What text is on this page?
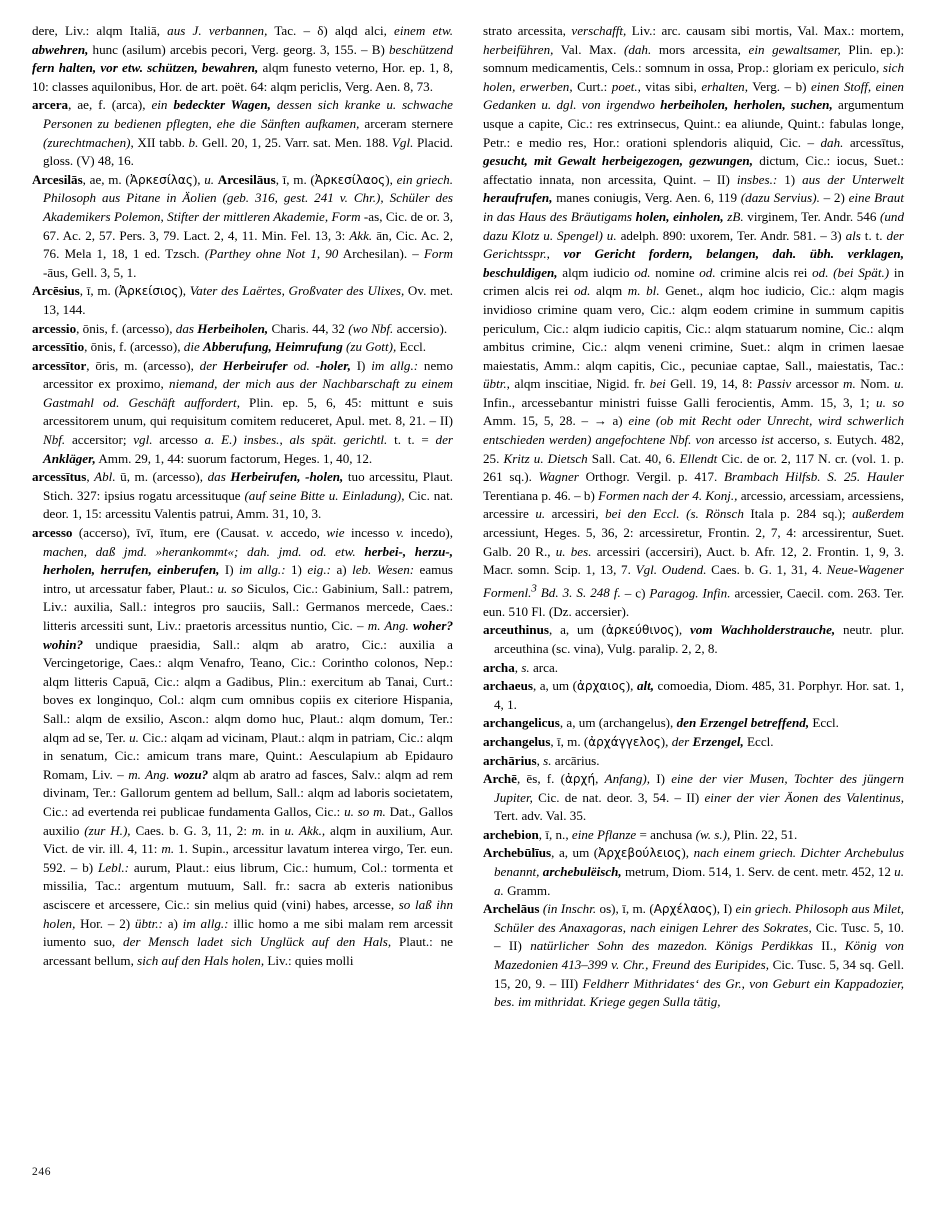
dere, Liv.: alqm Italiā, aus J. verbannen, Tac. – δ) alqd alci, einem etw. abwehren, hunc (asilum) arcebis pecori, Verg. georg. 3, 155. – B) beschützend fern halten, vor etw. schützen, bewahren, alqm funesto veterno, Hor. ep. 1, 8, 10: classes aquilonibus, Hor. de art. poët. 64: alqm periclis, Verg. Aen. 8, 73.

arcera, ae, f. (arca), ein bedeckter Wagen, dessen sich kranke u. schwache Personen zu bedienen pflegten, ehe die Sänften aufkamen, arceram sternere (zurechtmachen), XII tabb. b. Gell. 20, 1, 25. Varr. sat. Men. 188. Vgl. Placid. gloss. (V) 48, 16.

Arcesilās, ae, m. (Ἀρκεσίλας), u. Arcesilāus, ī, m. (Ἀρκεσίλαος), ein griech. Philosoph aus Pitane in Äolien (geb. 316, gest. 241 v. Chr.), Schüler des Akademikers Polemon, Stifter der mittleren Akademie, Form -as, Cic. de or. 3, 67. Ac. 2, 57. Pers. 3, 79. Lact. 2, 4, 11. Min. Fel. 13, 3: Akk. ān, Cic. Ac. 2, 76. Mela 1, 18, 1 ed. Tzsch. (Parthey ohne Not 1, 90 Archesilan). – Form -āus, Gell. 3, 5, 1.

Arcēsius, ī, m. (Ἀρκείσιος), Vater des Laërtes, Großvater des Ulixes, Ov. met. 13, 144.

arcessio, ōnis, f. (arcesso), das Herbeiholen, Charis. 44, 32 (wo Nbf. accersio).

arcessītio, ōnis, f. (arcesso), die Abberufung, Heimrufung (zu Gott), Eccl.

arcessītor, ōris, m. (arcesso), der Herbeirufer od. -holer, I) im allg.: nemo arcessitor ex proximo, niemand, der mich aus der Nachbarschaft zu einem Gastmahl od. Geschäft auffordert, Plin. ep. 5, 6, 45: mittunt e suis arcessitorem unum, qui requisitum comitem reduceret, Apul. met. 8, 21. – II) Nbf. accersitor; vgl. arcesso a. E.) insbes., als spät. gerichtl. t. t. = der Ankläger, Amm. 29, 1, 44: suorum factorum, Heges. 1, 40, 12.

arcessītus, Abl. ū, m. (arcesso), das Herbeirufen, -holen, tuo arcessitu, Plaut. Stich. 327: ipsius rogatu arcessituque (auf seine Bitte u. Einladung), Cic. nat. deor. 1, 15: arcessitu Valentis patrui, Amm. 31, 10, 3.

arcesso (accerso), īvī, ītum, ere (Causat. v. accedo, wie incesso v. incedo), machen, daß jmd. »herankommt«; dah. jmd. od. etw. herbei-, herzu-, herholen, herrufen, einberufen, I) im allg.: 1) eig.: a) leb. Wesen: eamus intro, ut arcessatur faber, Plaut.: u. so Siculos, Cic.: Gabinium, Sall.: patrem, Liv.: auxilia, Sall.: integros pro sauciis, Sall.: Germanos mercede, Caes.: litteris arcessiti sunt, Liv.: praetoris arcessitus nuntio, Cic. – m. Ang. woher? wohin? undique praesidia, Sall.: alqm ab aratro, Cic.: auxilia a Vercingetorige, Caes.: alqm Venafro, Teano, Cic.: Corintho colonos, Nep.: alqm litteris Capuā, Cic.: alqm a Gadibus, Plin.: exercitum ab Tanai, Curt.: boves ex longinquo, Col.: alqm cum omnibus copiis ex citeriore Hispania, Sall.: alqm de exsilio, Ascon.: alqm domo huc, Plaut.: alqm domum, Ter.: alqm ad se, Ter. u. Cic.: alqam ad vicinam, Plaut.: alqm in patriam, Cic.: alqm in senatum, Cic.: amicum trans mare, Quint.: Aesculapium ab Epidauro Romam, Liv. – m. Ang. wozu? alqm ab aratro ad fasces, Salv.: alqm ad rem divinam, Ter.: Gallorum gentem ad bellum, Sall.: alqm ad laboris societatem, Cic.: ad evertenda rei publicae fundamenta Gallos, Cic.: u. so m. Dat., Gallos auxilio (zur H.), Caes. b. G. 3, 11, 2: m. in u. Akk., alqm in auxilium, Aur. Vict. de vir. ill. 4, 11: m. 1. Supin., arcessitur lavatum interea virgo, Ter. eun. 592. – b) Lebl.: aurum, Plaut.: eius librum, Cic.: humum, Col.: tormenta et missilia, Tac.: argentum mutuum, Sall. fr.: sacra ab exteris nationibus asciscere et arcessere, Cic.: sin melius quid (vini) habes, arcesse, so laß ihn holen, Hor. – 2) übtr.: a) im allg.: illic homo a me sibi malam rem arcessit iumento suo, der Mensch ladet sich Unglück auf den Hals, Plaut.: ne arcessant bellum, sich auf den Hals holen, Liv.: quies molli

strato arcessita, verschafft, Liv.: arc. causam sibi mortis, Val. Max.: mortem, herbeiführen, Val. Max. (dah. mors arcessita, ein gewaltsamer, Plin. ep.): somnum medicamentis, Cels.: somnum in ossa, Prop.: gloriam ex periculo, sich holen, erwerben, Curt.: poet., vitas sibi, erhalten, Verg. – b) einen Stoff, einen Gedanken u. dgl. von irgendwo herbeiholen, herholen, suchen, argumentum usque a capite, Cic.: res extrinsecus, Quint.: ea aliunde, Quint.: fabulas longe, Petr.: e medio res, Hor.: orationi splendoris aliquid, Cic. – dah. arcessītus, gesucht, mit Gewalt herbeigezogen, gezwungen, dictum, Cic.: iocus, Suet.: affectatio innata, non arcessita, Quint. – II) insbes.: 1) aus der Unterwelt heraufrufen, manes coniugis, Verg. Aen. 6, 119 (dazu Servius). – 2) eine Braut in das Haus des Bräutigams holen, einholen, zB. virginem, Ter. Andr. 546 (und dazu Klotz u. Spengel) u. adelph. 890: uxorem, Ter. Andr. 581. – 3) als t. t. der Gerichtsspr., vor Gericht fordern, belangen, dah. übh. verklagen, beschuldigen, alqm iudicio od. nomine od. crimine alcis rei od. (bei Spät.) in crimen alcis rei od. alqm m. bl. Genet., alqm hoc iudicio, Cic.: alqm magis invidioso crimine quam vero, Cic.: alqm eodem crimine in summum capitis periculum, Cic.: alqm iudicio capitis, Cic.: alqm statuarum nomine, Cic.: alqm ambitus crimine, Cic.: alqm veneni crimine, Suet.: alqm in crimen laesae maiestatis, Amm.: alqm capitis, Cic., pecuniae captae, Sall., maiestatis, Tac.: übtr., alqm inscitiae, Nigid. fr. bei Gell. 19, 14, 8: Passiv arcessor m. Nom. u. Infin., arcessebantur ministri fuisse Galli ferocientis, Amm. 15, 3, 1; u. so Amm. 15, 5, 28. – → a) eine (ob mit Recht oder Unrecht, wird schwerlich entschieden werden) angefochtene Nbf. von arcesso ist accerso, s. Eutych. 482, 25. Kritz u. Dietsch Sall. Cat. 40, 6. Ellendt Cic. de or. 2, 117 N. cr. (vol. 1. p. 261 sq.). Wagner Orthogr. Vergil. p. 417. Brambach Hilfsb. S. 25. Hauler Terentiana p. 46. – b) Formen nach der 4. Konj., arcessio, arcessiam, arcessiens, arcessire u. arcessiri, bei den Eccl. (s. Rönsch Itala p. 284 sq.); außerdem arcessiunt, Heges. 5, 36, 2: arcessiretur, Frontin. 2, 7, 4: arcessirentur, Suet. Galb. 20 R., u. bes. arcessiri (accersiri), Auct. b. Afr. 12, 2. Frontin. 1, 9, 3. Macr. somn. Scip. 1, 13, 7. Vgl. Oudend. Caes. b. G. 1, 31, 4. Neue-Wagener Formenl.$^3$ Bd. 3. S. 248 f. – c) Paragog. Infin. arcessier, Caecil. com. 263. Ter. eun. 510 Fl. (Dz. accersier).

arceuthinus, a, um (ἀρκεύθινος), vom Wachholderstrauche, neutr. plur. arceuthina (sc. vina), Vulg. paralip. 2, 2, 8.

archa, s. arca.

archaeus, a, um (ἀρχαιος), alt, comoedia, Diom. 485, 31. Porphyr. Hor. sat. 1, 4, 1.

archangelicus, a, um (archangelus), den Erzengel betreffend, Eccl.

archangelus, ī, m. (ἀρχάγγελος), der Erzengel, Eccl.

archārius, s. arcārius.

Archē, ēs, f. (ἀρχή, Anfang), I) eine der vier Musen, Tochter des jüngern Jupiter, Cic. de nat. deor. 3, 54. – II) einer der vier Äonen des Valentinus, Tert. adv. Val. 35.

archebion, ī, n., eine Pflanze = anchusa (w. s.), Plin. 22, 51.

Archebūlīus, a, um (Ἀρχεβούλειος), nach einem griech. Dichter Archebulus benannt, archebulëisch, metrum, Diom. 514, 1. Serv. de cent. metr. 452, 12 u. a. Gramm.

Archelāus (in Inschr. os), ī, m. (Αρχέλαος), I) ein griech. Philosoph aus Milet, Schüler des Anaxagoras, nach einigen Lehrer des Sokrates, Cic. Tusc. 5, 10. – II) natürlicher Sohn des mazedon. Königs Perdikkas II., König von Mazedonien 413–399 v. Chr., Freund des Euripides, Cic. Tusc. 5, 34 sq. Gell. 15, 20, 9. – III) Feldherr Mithridates‘ des Gr., von Geburt ein Kappadozier, bes. im mithridat. Kriege gegen Sulla tätig,

246
